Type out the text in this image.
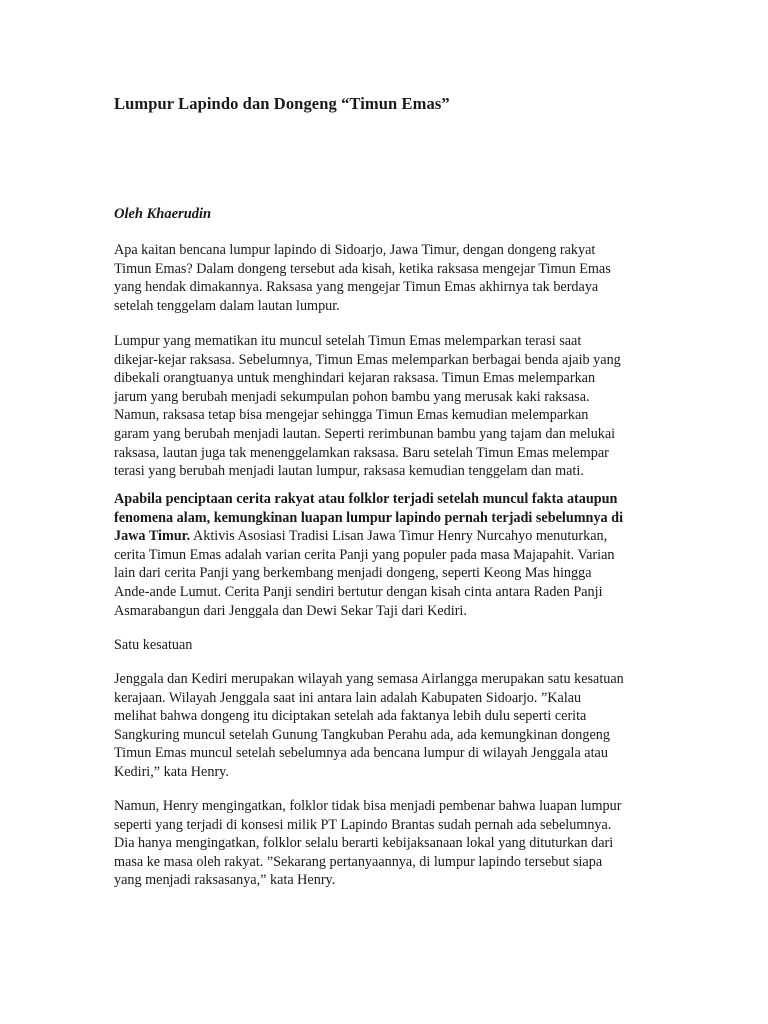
Lumpur Lapindo dan Dongeng “Timun Emas”

Oleh Khaerudin

Apa kaitan bencana lumpur lapindo di Sidoarjo, Jawa Timur, dengan dongeng rakyat
Timun Emas? Dalam dongeng tersebut ada kisah, ketika raksasa mengejar Timun Emas
yang hendak dimakannya. Raksasa yang mengejar Timun Emas akhirnya tak berdaya
setelah tenggelam dalam lautan lumpur.

Lumpur yang mematikan itu muncul setelah Timun Emas melemparkan terasi saat
dikejar-kejar raksasa. Sebelumnya, Timun Emas melemparkan berbagai benda ajaib yang
dibekali orangtuanya untuk menghindari kejaran raksasa. Timun Emas melemparkan
jarum yang berubah menjadi sekumpulan pohon bambu yang merusak kaki raksasa.
Namun, raksasa tetap bisa mengejar sehingga Timun Emas kemudian melemparkan
garam yang berubah menjadi lautan. Seperti rerimbunan bambu yang tajam dan melukai
raksasa, lautan juga tak menenggelamkan raksasa. Baru setelah Timun Emas melempar
terasi yang berubah menjadi lautan lumpur, raksasa kemudian tenggelam dan mati.

Apabila penciptaan cerita rakyat atau folklor terjadi setelah muncul fakta ataupun
fenomena alam, kemungkinan luapan lumpur lapindo pernah terjadi sebelumnya di
Jawa Timur. Aktivis Asosiasi Tradisi Lisan Jawa Timur Henry Nurcahyo menuturkan,
cerita Timun Emas adalah varian cerita Panji yang populer pada masa Majapahit. Varian
lain dari cerita Panji yang berkembang menjadi dongeng, seperti Keong Mas hingga
Ande-ande Lumut. Cerita Panji sendiri bertutur dengan kisah cinta antara Raden Panji
Asmarabangun dari Jenggala dan Dewi Sekar Taji dari Kediri.

Satu kesatuan

Jenggala dan Kediri merupakan wilayah yang semasa Airlangga merupakan satu kesatuan
kerajaan. Wilayah Jenggala saat ini antara lain adalah Kabupaten Sidoarjo. ”Kalau
melihat bahwa dongeng itu diciptakan setelah ada faktanya lebih dulu seperti cerita
Sangkuring muncul setelah Gunung Tangkuban Perahu ada, ada kemungkinan dongeng
Timun Emas muncul setelah sebelumnya ada bencana lumpur di wilayah Jenggala atau
Kediri,” kata Henry.

Namun, Henry mengingatkan, folklor tidak bisa menjadi pembenar bahwa luapan lumpur
seperti yang terjadi di konsesi milik PT Lapindo Brantas sudah pernah ada sebelumnya.
Dia hanya mengingatkan, folklor selalu berarti kebijaksanaan lokal yang dituturkan dari
masa ke masa oleh rakyat. ”Sekarang pertanyaannya, di lumpur lapindo tersebut siapa
yang menjadi raksasanya,” kata Henry.
